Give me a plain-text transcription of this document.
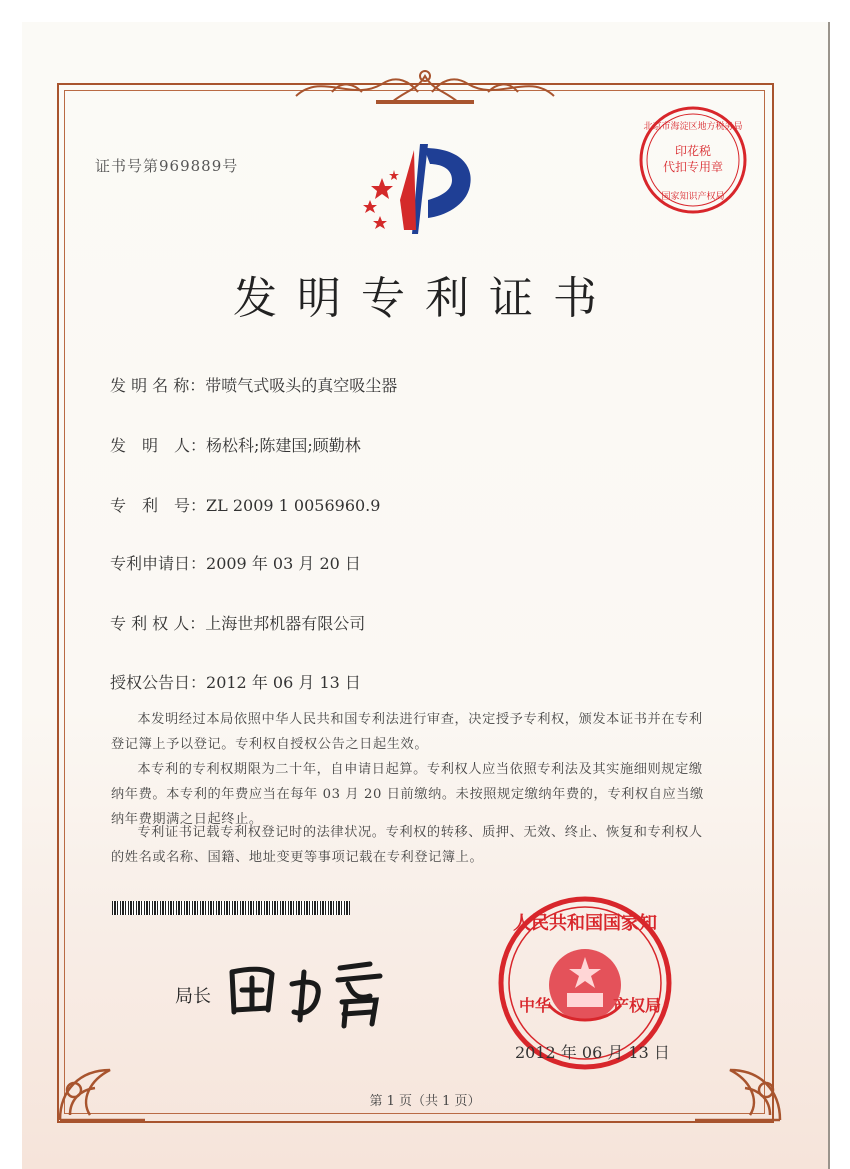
证书号第969889号
印花税
代扣专用章
北京市海淀区地方税务局
国家知识产权局
发明专利证书
发 明 名 称：带喷气式吸头的真空吸尘器
发　明　人：杨松科;陈建国;顾勤林
专　利　号：ZL 2009 1 0056960.9
专利申请日：2009 年 03 月 20 日
专 利 权 人：上海世邦机器有限公司
授权公告日：2012 年 06 月 13 日
本发明经过本局依照中华人民共和国专利法进行审查，决定授予专利权，颁发本证书并在专利登记簿上予以登记。专利权自授权公告之日起生效。
本专利的专利权期限为二十年，自申请日起算。专利权人应当依照专利法及其实施细则规定缴纳年费。本专利的年费应当在每年 03 月 20 日前缴纳。未按照规定缴纳年费的，专利权自应当缴纳年费期满之日起终止。
专利证书记载专利权登记时的法律状况。专利权的转移、质押、无效、终止、恢复和专利权人的姓名或名称、国籍、地址变更等事项记载在专利登记簿上。
局长
人民共和国国家知
中华	产权局
2012 年 06 月 13 日
第 1 页（共 1 页）
